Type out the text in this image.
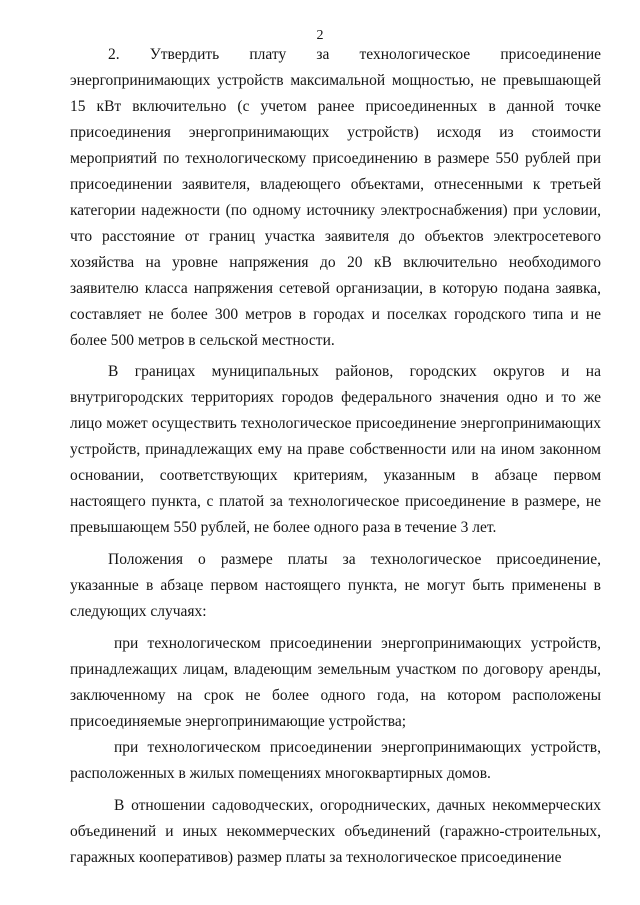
2

2. Утвердить плату за технологическое присоединение энергопринимающих устройств максимальной мощностью, не превышающей 15 кВт включительно (с учетом ранее присоединенных в данной точке присоединения энергопринимающих устройств) исходя из стоимости мероприятий по технологическому присоединению в размере 550 рублей при присоединении заявителя, владеющего объектами, отнесенными к третьей категории надежности (по одному источнику электроснабжения) при условии, что расстояние от границ участка заявителя до объектов электросетевого хозяйства на уровне напряжения до 20 кВ включительно необходимого заявителю класса напряжения сетевой организации, в которую подана заявка, составляет не более 300 метров в городах и поселках городского типа и не более 500 метров в сельской местности.

В границах муниципальных районов, городских округов и на внутригородских территориях городов федерального значения одно и то же лицо может осуществить технологическое присоединение энергопринимающих устройств, принадлежащих ему на праве собственности или на ином законном основании, соответствующих критериям, указанным в абзаце первом настоящего пункта, с платой за технологическое присоединение в размере, не превышающем 550 рублей, не более одного раза в течение 3 лет.

Положения о размере платы за технологическое присоединение, указанные в абзаце первом настоящего пункта, не могут быть применены в следующих случаях:

при технологическом присоединении энергопринимающих устройств, принадлежащих лицам, владеющим земельным участком по договору аренды, заключенному на срок не более одного года, на котором расположены присоединяемые энергопринимающие устройства;

при технологическом присоединении энергопринимающих устройств, расположенных в жилых помещениях многоквартирных домов.

В отношении садоводческих, огороднических, дачных некоммерческих объединений и иных некоммерческих объединений (гаражно-строительных, гаражных кооперативов) размер платы за технологическое присоединение
